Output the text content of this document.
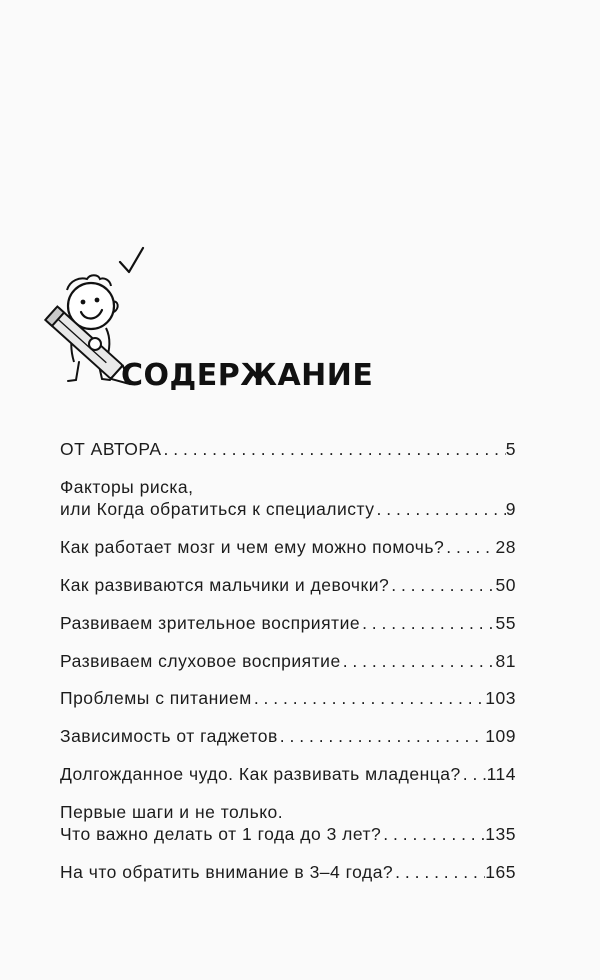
СОДЕРЖАНИЕ
ОТ АВТОРА . . .	5
Факторы риска,
или Когда обратиться к специалисту . . .	9
Как работает мозг и чем ему можно помочь? . . .	28
Как развиваются мальчики и девочки? . . .	50
Развиваем зрительное восприятие . . .	55
Развиваем слуховое восприятие . . .	81
Проблемы с питанием . . .	103
Зависимость от гаджетов . . .	109
Долгожданное чудо. Как развивать младенца? . . . 114
Первые шаги и не только.
Что важно делать от 1 года до 3 лет? . . .	135
На что обратить внимание в 3–4 года? . . .	165
